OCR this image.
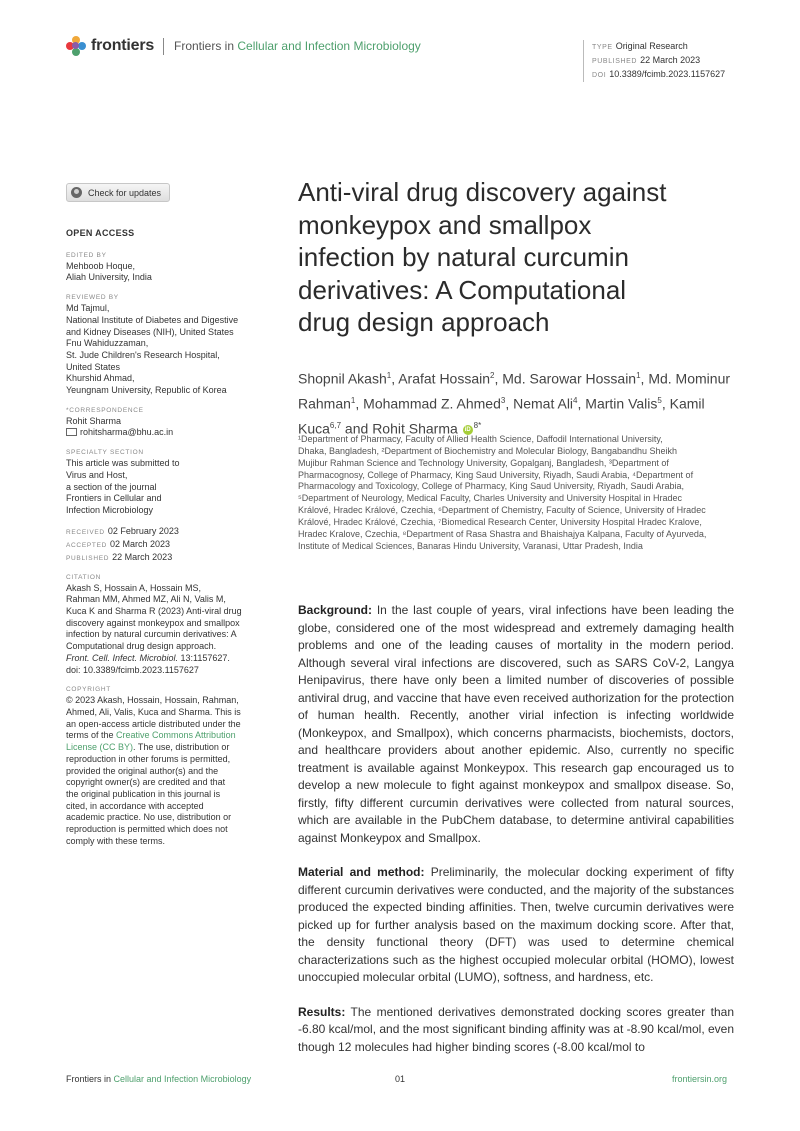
frontiers Frontiers in Cellular and Infection Microbiology	TYPE Original Research
PUBLISHED 22 March 2023
DOI 10.3389/fcimb.2023.1157627
Check for updates
OPEN ACCESS
EDITED BY
Mehboob Hoque,
Aliah University, India
REVIEWED BY
Md Tajmul,
National Institute of Diabetes and Digestive
and Kidney Diseases (NIH), United States
Fnu Wahiduzzaman,
St. Jude Children's Research Hospital,
United States
Khurshid Ahmad,
Yeungnam University, Republic of Korea
*CORRESPONDENCE
Rohit Sharma
rohitsharma@bhu.ac.in
SPECIALTY SECTION
This article was submitted to
Virus and Host,
a section of the journal
Frontiers in Cellular and
Infection Microbiology
RECEIVED 02 February 2023
ACCEPTED 02 March 2023
PUBLISHED 22 March 2023
CITATION
Akash S, Hossain A, Hossain MS,
Rahman MM, Ahmed MZ, Ali N, Valis M,
Kuca K and Sharma R (2023) Anti-viral drug
discovery against monkeypox and smallpox
infection by natural curcumin derivatives: A
Computational drug design approach.
Front. Cell. Infect. Microbiol. 13:1157627.
doi: 10.3389/fcimb.2023.1157627
COPYRIGHT
© 2023 Akash, Hossain, Hossain, Rahman,
Ahmed, Ali, Valis, Kuca and Sharma. This is
an open-access article distributed under the
terms of the Creative Commons Attribution
License (CC BY). The use, distribution or
reproduction in other forums is permitted,
provided the original author(s) and the
copyright owner(s) are credited and that
the original publication in this journal is
cited, in accordance with accepted
academic practice. No use, distribution or
reproduction is permitted which does not
comply with these terms.
Anti-viral drug discovery against
monkeypox and smallpox
infection by natural curcumin
derivatives: A Computational
drug design approach
Shopnil Akash$^1$, Arafat Hossain$^2$, Md. Sarowar Hossain$^1$, Md. Mominur Rahman$^1$, Mohammad Z. Ahmed$^3$, Nemat Ali$^4$, Martin Valis$^5$, Kamil Kuca$^{6,7}$ and Rohit Sharma iD $^{8*}$
¹Department of Pharmacy, Faculty of Allied Health Science, Daffodil International University,
Dhaka, Bangladesh, ²Department of Biochemistry and Molecular Biology, Bangabandhu Sheikh
Mujibur Rahman Science and Technology University, Gopalganj, Bangladesh, ³Department of
Pharmacognosy, College of Pharmacy, King Saud University, Riyadh, Saudi Arabia, ⁴Department of
Pharmacology and Toxicology, College of Pharmacy, King Saud University, Riyadh, Saudi Arabia,
⁵Department of Neurology, Medical Faculty, Charles University and University Hospital in Hradec
Králové, Hradec Králové, Czechia, ⁶Department of Chemistry, Faculty of Science, University of Hradec
Králové, Hradec Králové, Czechia, ⁷Biomedical Research Center, University Hospital Hradec Kralove,
Hradec Kralove, Czechia, ⁸Department of Rasa Shastra and Bhaishajya Kalpana, Faculty of Ayurveda,
Institute of Medical Sciences, Banaras Hindu University, Varanasi, Uttar Pradesh, India

Background: In the last couple of years, viral infections have been leading the globe, considered one of the most widespread and extremely damaging health problems and one of the leading causes of mortality in the modern period. Although several viral infections are discovered, such as SARS CoV-2, Langya Henipavirus, there have only been a limited number of discoveries of possible antiviral drug, and vaccine that have even received authorization for the protection of human health. Recently, another virial infection is infecting worldwide (Monkeypox, and Smallpox), which concerns pharmacists, biochemists, doctors, and healthcare providers about another epidemic. Also, currently no specific treatment is available against Monkeypox. This research gap encouraged us to develop a new molecule to fight against monkeypox and smallpox disease. So, firstly, fifty different curcumin derivatives were collected from natural sources, which are available in the PubChem database, to determine antiviral capabilities against Monkeypox and Smallpox.

Material and method: Preliminarily, the molecular docking experiment of fifty different curcumin derivatives were conducted, and the majority of the substances produced the expected binding affinities. Then, twelve curcumin derivatives were picked up for further analysis based on the maximum docking score. After that, the density functional theory (DFT) was used to determine chemical characterizations such as the highest occupied molecular orbital (HOMO), lowest unoccupied molecular orbital (LUMO), softness, and hardness, etc.

Results: The mentioned derivatives demonstrated docking scores greater than -6.80 kcal/mol, and the most significant binding affinity was at -8.90 kcal/mol, even though 12 molecules had higher binding scores (-8.00 kcal/mol to

Frontiers in Cellular and Infection Microbiology	01	frontiersin.org
